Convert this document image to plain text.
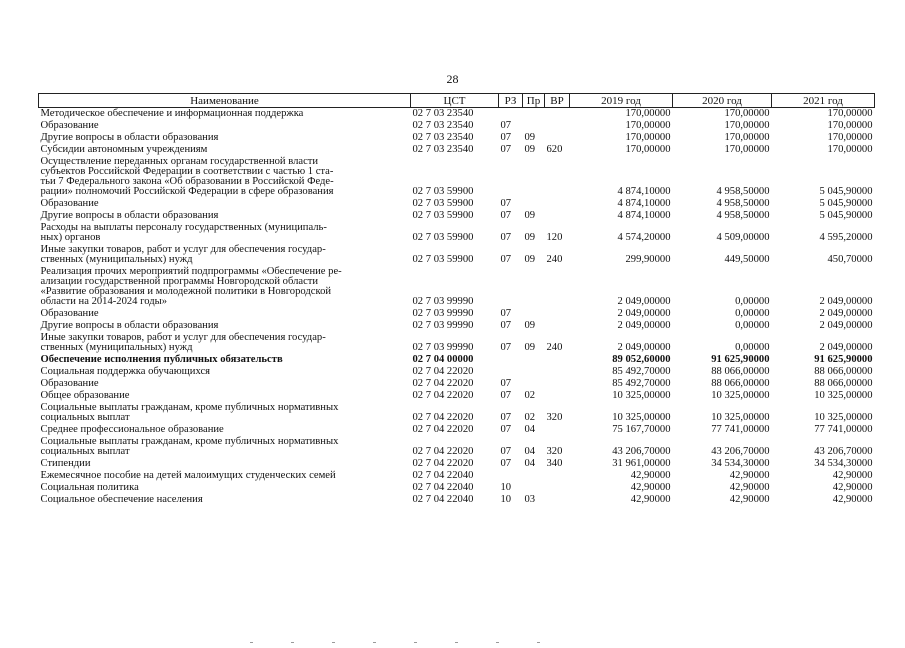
28
Наименование	ЦСТ	РЗ	Пр	ВР	2019 год	2020 год	2021 год

Методическое обеспечение и информационная поддержка	02 7 03 23540				170,00000	170,00000	170,00000

Образование	02 7 03 23540	07			170,00000	170,00000	170,00000

Другие вопросы в области образования	02 7 03 23540	07	09		170,00000	170,00000	170,00000

Субсидии автономным учреждениям	02 7 03 23540	07	09	620	170,00000	170,00000	170,00000

Осуществление переданных органам государственной власти
субъектов Российской Федерации в соответствии с частью 1 ста-
тьи 7 Федерального закона «Об образовании в Российской Феде-
рации» полномочий Российской Федерации в сфере образования	02 7 03 59900				4 874,10000	4 958,50000	5 045,90000

Образование	02 7 03 59900	07			4 874,10000	4 958,50000	5 045,90000

Другие вопросы в области образования	02 7 03 59900	07	09		4 874,10000	4 958,50000	5 045,90000

Расходы на выплаты персоналу государственных (муниципаль-
ных) органов	02 7 03 59900	07	09	120	4 574,20000	4 509,00000	4 595,20000

Иные закупки товаров, работ и услуг для обеспечения государ-
ственных (муниципальных) нужд	02 7 03 59900	07	09	240	299,90000	449,50000	450,70000

Реализация прочих мероприятий подпрограммы «Обеспечение ре-
ализации государственной программы Новгородской области
«Развитие образования и молодежной политики в Новгородской
области на 2014-2024 годы»	02 7 03 99990				2 049,00000	0,00000	2 049,00000

Образование	02 7 03 99990	07			2 049,00000	0,00000	2 049,00000

Другие вопросы в области образования	02 7 03 99990	07	09		2 049,00000	0,00000	2 049,00000

Иные закупки товаров, работ и услуг для обеспечения государ-
ственных (муниципальных) нужд	02 7 03 99990	07	09	240	2 049,00000	0,00000	2 049,00000

Обеспечение исполнения публичных обязательств	02 7 04 00000				89 052,60000	91 625,90000	91 625,90000

Социальная поддержка обучающихся	02 7 04 22020				85 492,70000	88 066,00000	88 066,00000

Образование	02 7 04 22020	07			85 492,70000	88 066,00000	88 066,00000

Общее образование	02 7 04 22020	07	02		10 325,00000	10 325,00000	10 325,00000

Социальные выплаты гражданам, кроме публичных нормативных
социальных выплат	02 7 04 22020	07	02	320	10 325,00000	10 325,00000	10 325,00000

Среднее профессиональное образование	02 7 04 22020	07	04		75 167,70000	77 741,00000	77 741,00000

Социальные выплаты гражданам, кроме публичных нормативных
социальных выплат	02 7 04 22020	07	04	320	43 206,70000	43 206,70000	43 206,70000

Стипендии	02 7 04 22020	07	04	340	31 961,00000	34 534,30000	34 534,30000

Ежемесячное пособие на детей малоимущих студенческих семей	02 7 04 22040				42,90000	42,90000	42,90000

Социальная политика	02 7 04 22040	10			42,90000	42,90000	42,90000

Социальное обеспечение населения	02 7 04 22040	10	03		42,90000	42,90000	42,90000
